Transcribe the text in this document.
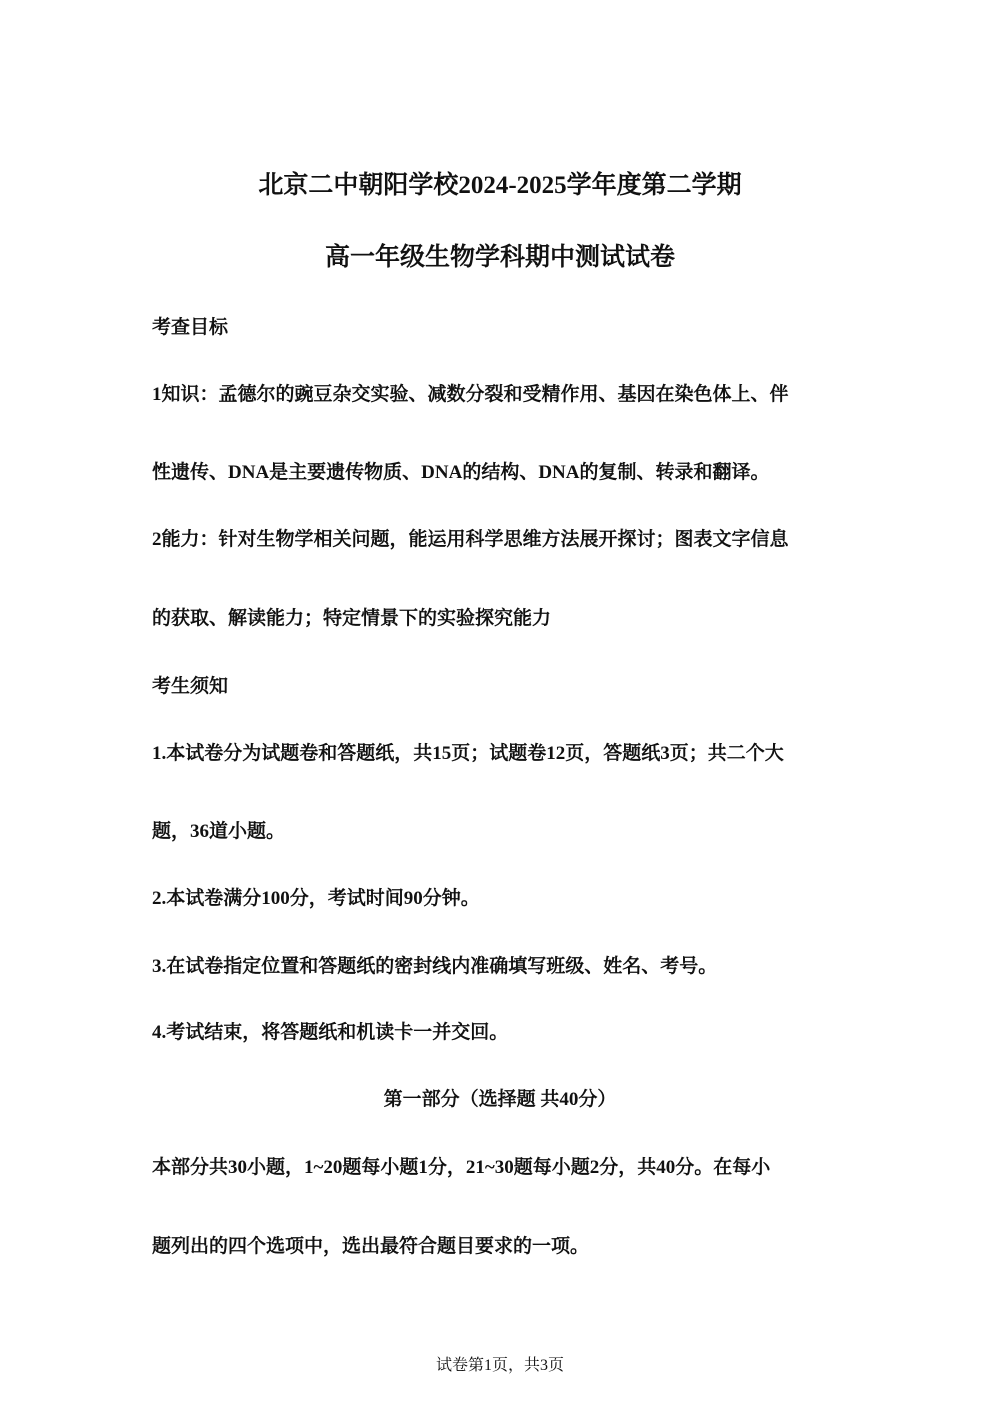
北京二中朝阳学校2024-2025学年度第二学期
高一年级生物学科期中测试试卷
考查目标
1知识：孟德尔的豌豆杂交实验、减数分裂和受精作用、基因在染色体上、伴
性遗传、DNA是主要遗传物质、DNA的结构、DNA的复制、转录和翻译。
2能力：针对生物学相关问题，能运用科学思维方法展开探讨；图表文字信息
的获取、解读能力；特定情景下的实验探究能力
考生须知
1.本试卷分为试题卷和答题纸，共15页；试题卷12页，答题纸3页；共二个大
题，36道小题。
2.本试卷满分100分，考试时间90分钟。
3.在试卷指定位置和答题纸的密封线内准确填写班级、姓名、考号。
4.考试结束，将答题纸和机读卡一并交回。
第一部分（选择题 共40分）
本部分共30小题，1~20题每小题1分，21~30题每小题2分，共40分。在每小
题列出的四个选项中，选出最符合题目要求的一项。
试卷第1页，共3页
